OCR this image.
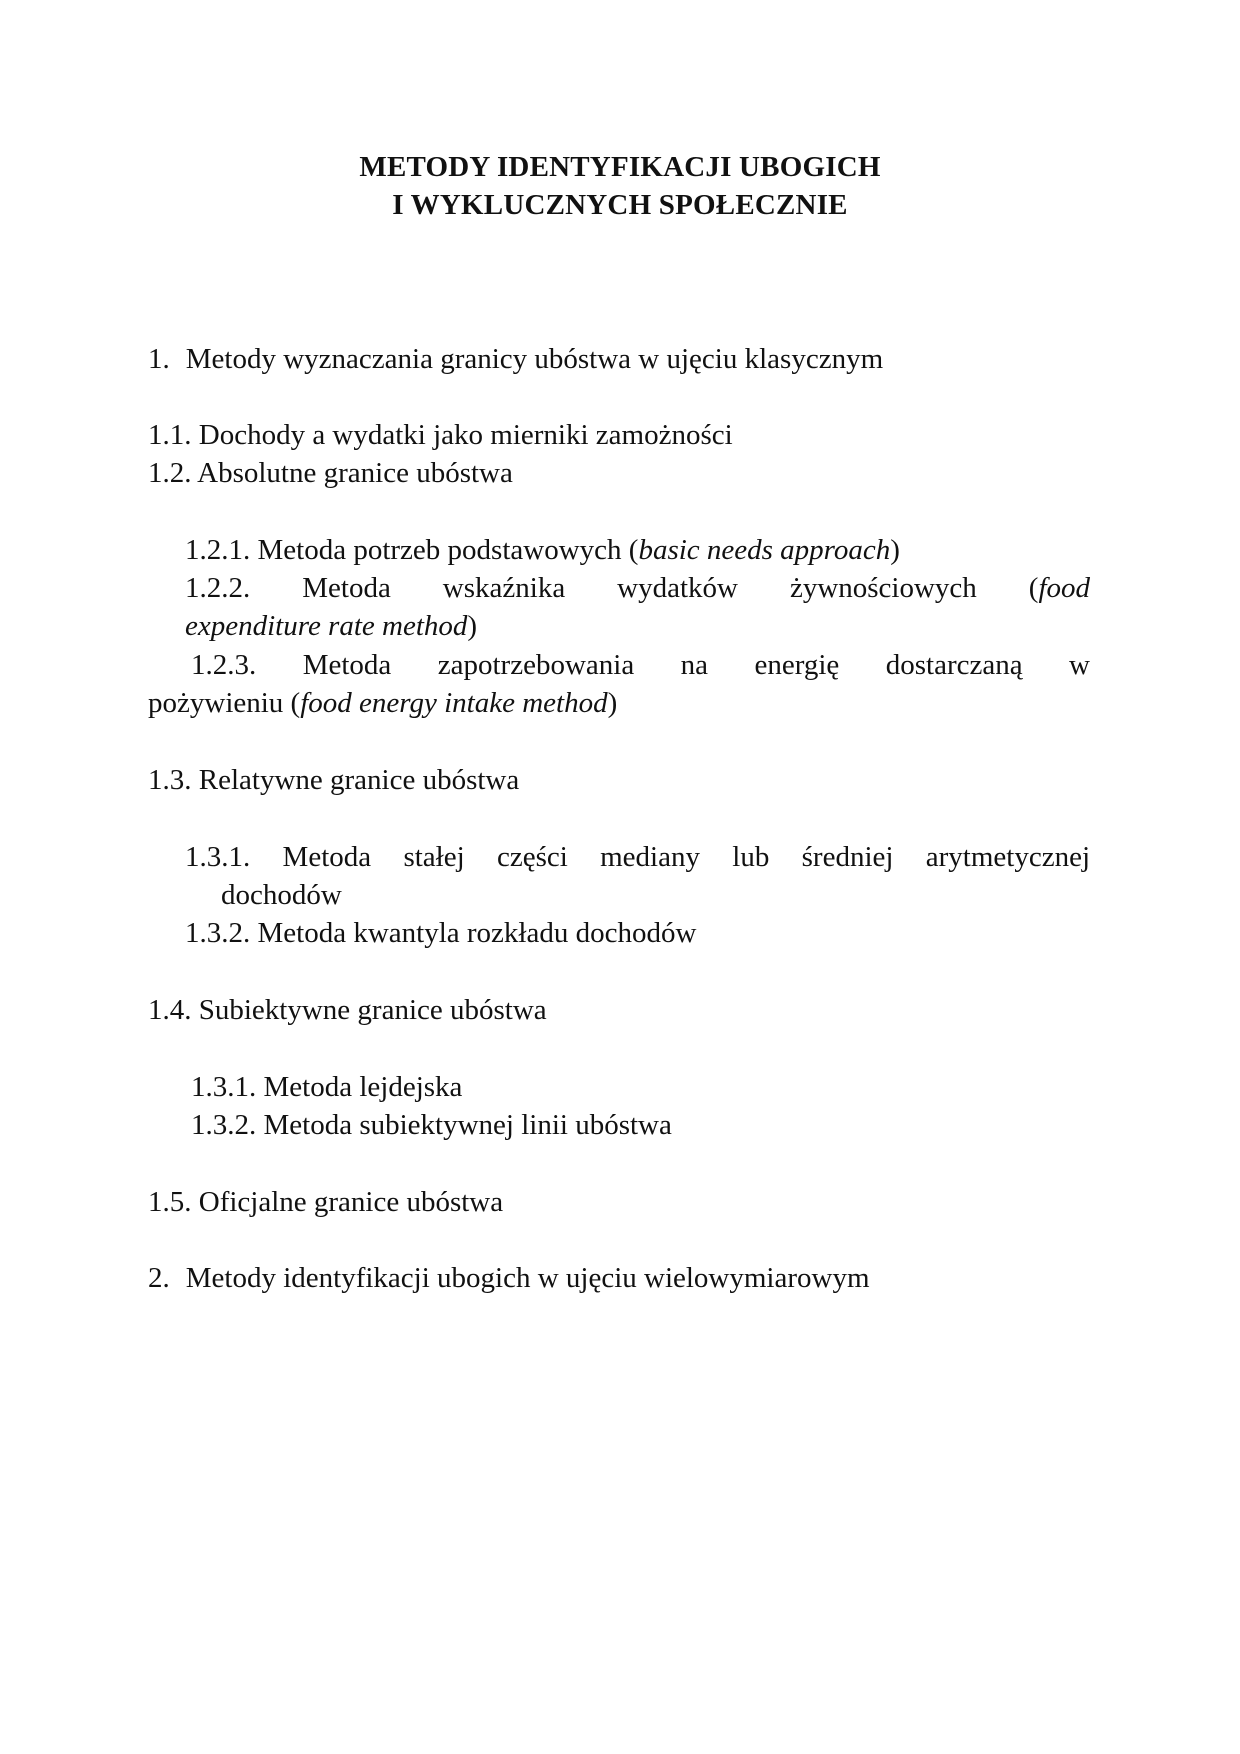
METODY IDENTYFIKACJI UBOGICH
I WYKLUCZNYCH SPOŁECZNIE
1. Metody wyznaczania granicy ubóstwa w ujęciu klasycznym
1.1. Dochody a wydatki jako mierniki zamożności
1.2. Absolutne granice ubóstwa
1.2.1. Metoda potrzeb podstawowych (basic needs approach)
1.2.2. Metoda wskaźnika wydatków żywnościowych (food
expenditure rate method)
1.2.3. Metoda zapotrzebowania na energię dostarczaną w
pożywieniu (food energy intake method)
1.3. Relatywne granice ubóstwa
1.3.1. Metoda stałej części mediany lub średniej arytmetycznej
dochodów
1.3.2. Metoda kwantyla rozkładu dochodów
1.4. Subiektywne granice ubóstwa
1.3.1. Metoda lejdejska
1.3.2. Metoda subiektywnej linii ubóstwa
1.5. Oficjalne granice ubóstwa
2. Metody identyfikacji ubogich w ujęciu wielowymiarowym
